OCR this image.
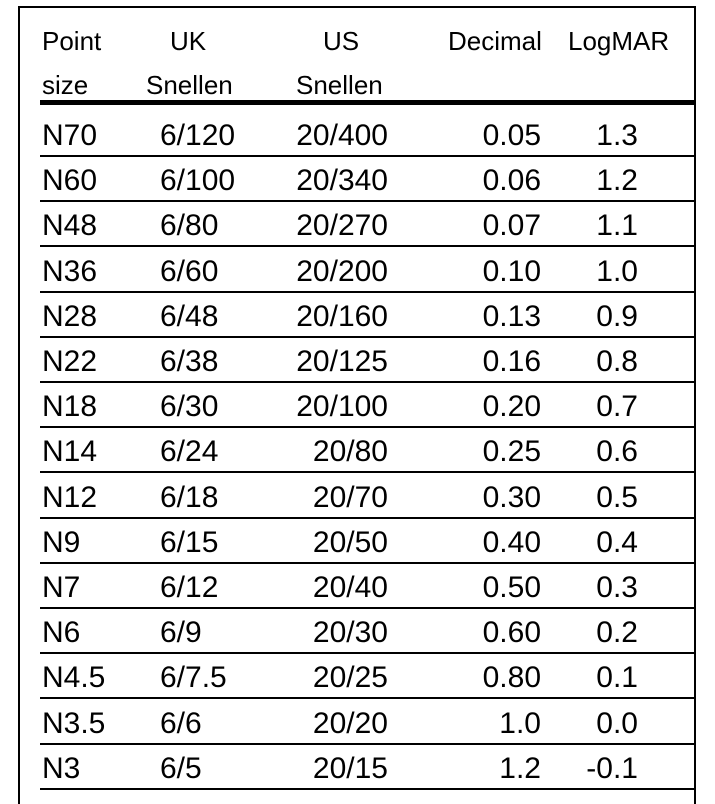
Point	UK	US	Decimal LogMAR
size Snellen Snellen
N70 6/120 20/400	0.05 1.3
N60 6/100 20/340	0.06 1.2
N48 6/80	20/270	0.07 1.1
N36 6/60	20/200	0.10 1.0
N28 6/48	20/160	0.13 0.9
N22 6/38	20/125	0.16 0.8
N18 6/30	20/100	0.20 0.7
N14 6/24	20/80	0.25 0.6
N12 6/18	20/70	0.30 0.5
N9	6/15	20/50	0.40 0.4
N7	6/12	20/40	0.50 0.3
N6	6/9	20/30	0.60 0.2
N4.5 6/7.5	20/25	0.80 0.1
N3.5 6/6	20/20	1.0 0.0
N3	6/5	20/15	1.2 -0.1
